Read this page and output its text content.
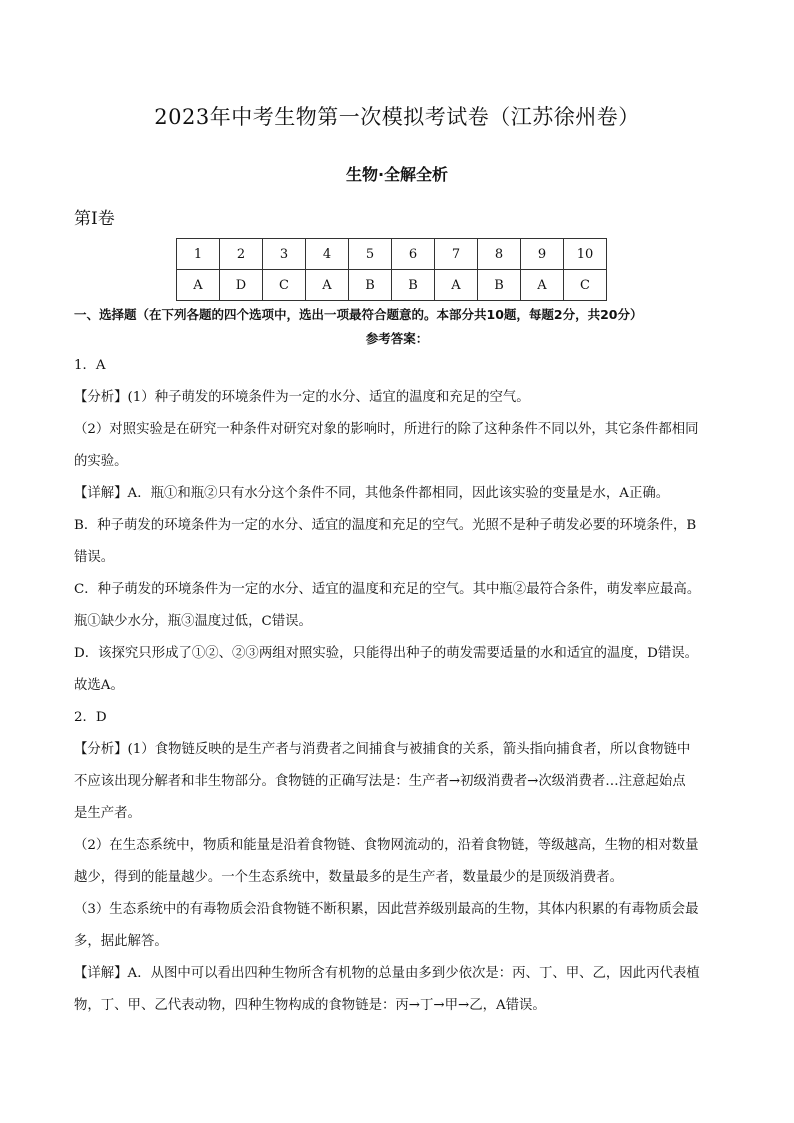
2023年中考生物第一次模拟考试卷（江苏徐州卷）
生物·全解全析
第Ⅰ卷
1	2	3	4	5	6	7	8	9	10
A	D	C	A	B	B	A	B	A	C
一、选择题（在下列各题的四个选项中，选出一项最符合题意的。本部分共10题，每题2分，共20分）
参考答案：

1．A

【分析】(1）种子萌发的环境条件为一定的水分、适宜的温度和充足的空气。

（2）对照实验是在研究一种条件对研究对象的影响时，所进行的除了这种条件不同以外，其它条件都相同

的实验。

【详解】A．瓶①和瓶②只有水分这个条件不同，其他条件都相同，因此该实验的变量是水，A正确。

B．种子萌发的环境条件为一定的水分、适宜的温度和充足的空气。光照不是种子萌发必要的环境条件，B

错误。

C．种子萌发的环境条件为一定的水分、适宜的温度和充足的空气。其中瓶②最符合条件，萌发率应最高。

瓶①缺少水分，瓶③温度过低，C错误。

D．该探究只形成了①②、②③两组对照实验，只能得出种子的萌发需要适量的水和适宜的温度，D错误。

故选A。

2．D

【分析】(1）食物链反映的是生产者与消费者之间捕食与被捕食的关系，箭头指向捕食者，所以食物链中

不应该出现分解者和非生物部分。食物链的正确写法是：生产者→初级消费者→次级消费者…注意起始点

是生产者。

（2）在生态系统中，物质和能量是沿着食物链、食物网流动的，沿着食物链，等级越高，生物的相对数量

越少，得到的能量越少。一个生态系统中，数量最多的是生产者，数量最少的是顶级消费者。

（3）生态系统中的有毒物质会沿食物链不断积累，因此营养级别最高的生物，其体内积累的有毒物质会最

多，据此解答。

【详解】A．从图中可以看出四种生物所含有机物的总量由多到少依次是：丙、丁、甲、乙，因此丙代表植

物，丁、甲、乙代表动物，四种生物构成的食物链是：丙→丁→甲→乙，A错误。
